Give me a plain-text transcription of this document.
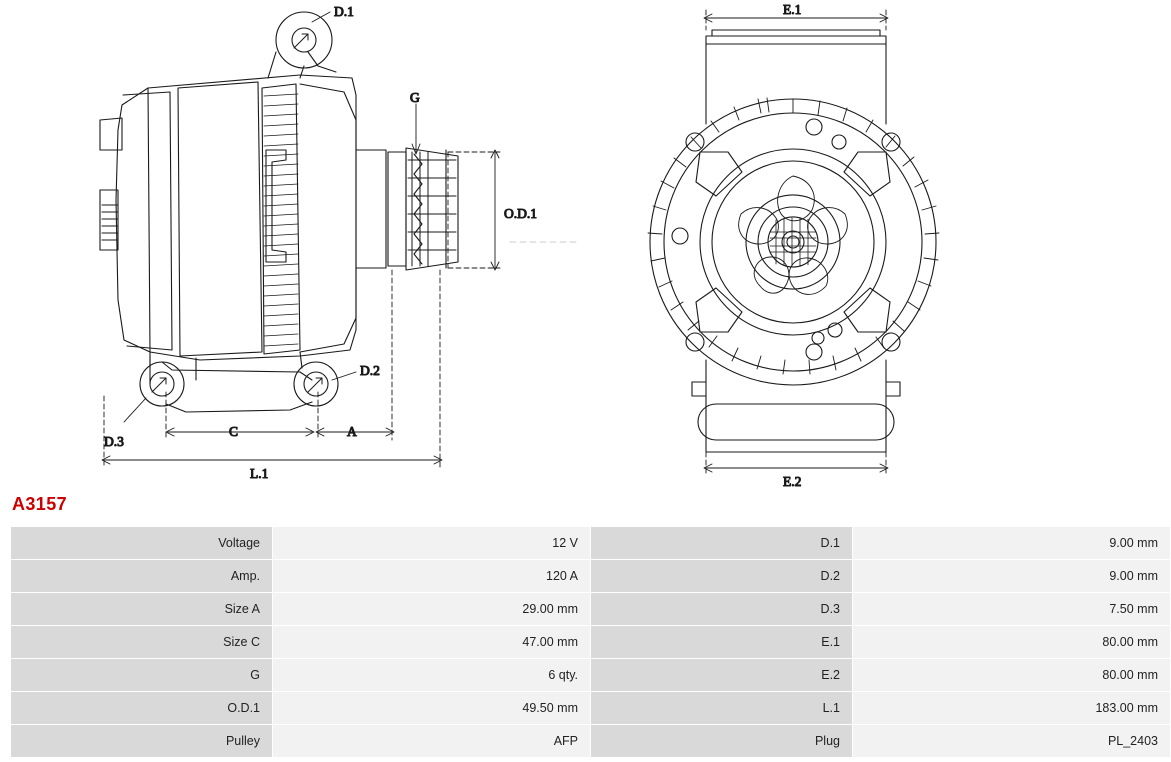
D.1
D.2
D.3
G
O.D.1
A
C
L.1
E.1
E.2
A3157
Voltage	12 V	D.1	9.00 mm
Amp.	120 A	D.2	9.00 mm
Size A	29.00 mm	D.3	7.50 mm
Size C	47.00 mm	E.1	80.00 mm
G	6 qty.	E.2	80.00 mm
O.D.1	49.50 mm	L.1	183.00 mm
Pulley	AFP	Plug	PL_2403
